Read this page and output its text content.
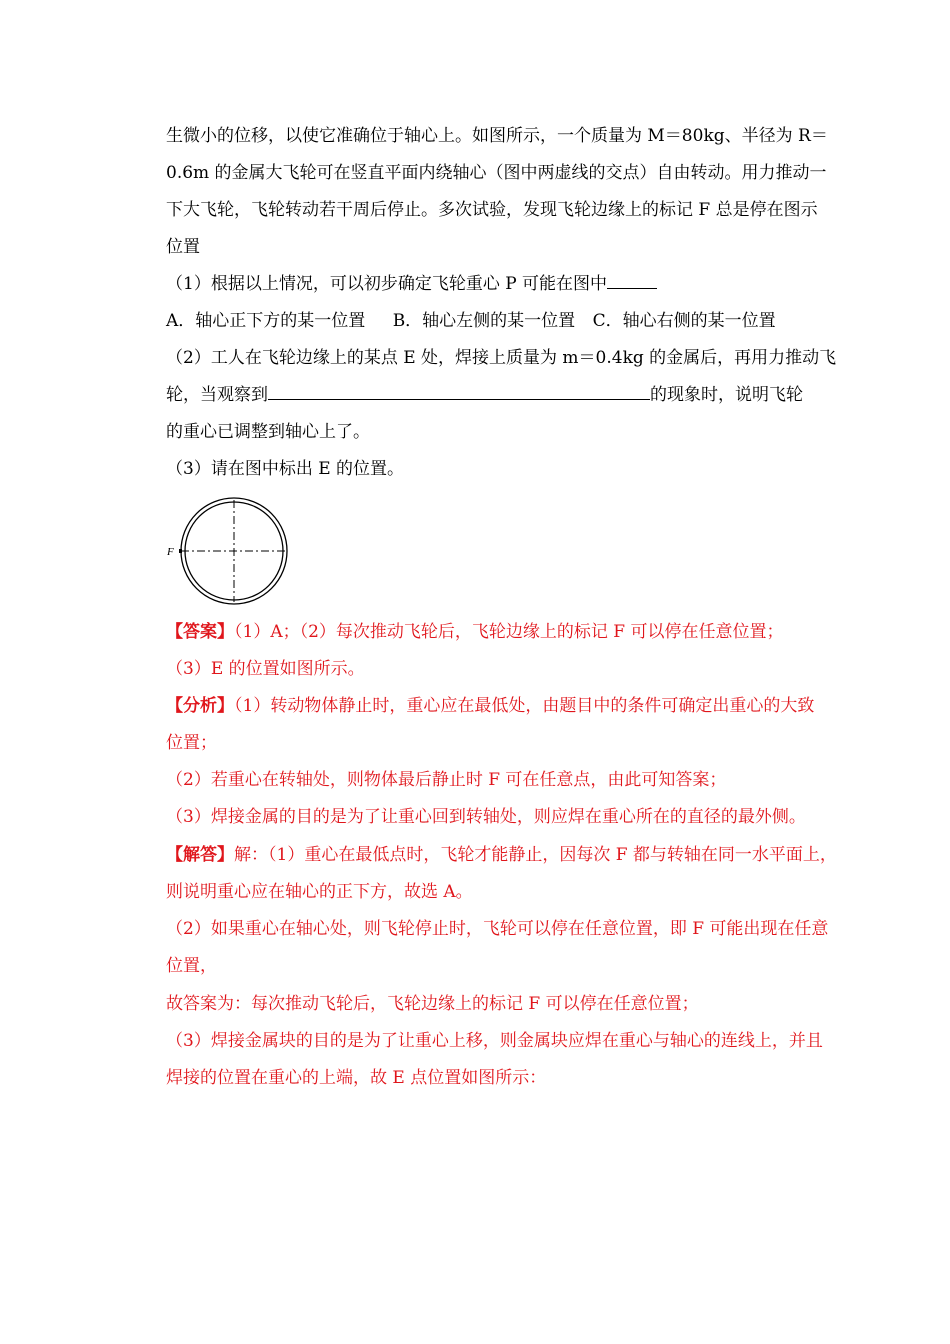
生微小的位移，以使它准确位于轴心上。如图所示，一个质量为 M＝80kg、半径为 R＝
0.6m 的金属大飞轮可在竖直平面内绕轴心（图中两虚线的交点）自由转动。用力推动一
下大飞轮，飞轮转动若干周后停止。多次试验，发现飞轮边缘上的标记 F 总是停在图示
位置
（1）根据以上情况，可以初步确定飞轮重心 P 可能在图中
A．轴心正下方的某一位置 B．轴心左侧的某一位置 C．轴心右侧的某一位置
（2）工人在飞轮边缘上的某点 E 处，焊接上质量为 m＝0.4kg 的金属后，再用力推动飞
轮，当观察到	的现象时，说明飞轮
的重心已调整到轴心上了。
（3）请在图中标出 E 的位置。
F
【答案】（1）A；（2）每次推动飞轮后，飞轮边缘上的标记 F 可以停在任意位置；
（3）E 的位置如图所示。
【分析】（1）转动物体静止时，重心应在最低处，由题目中的条件可确定出重心的大致
位置；
（2）若重心在转轴处，则物体最后静止时 F 可在任意点，由此可知答案；
（3）焊接金属的目的是为了让重心回到转轴处，则应焊在重心所在的直径的最外侧。
【解答】解：（1）重心在最低点时，飞轮才能静止，因每次 F 都与转轴在同一水平面上，
则说明重心应在轴心的正下方，故选 A。
（2）如果重心在轴心处，则飞轮停止时，飞轮可以停在任意位置，即 F 可能出现在任意
位置，
故答案为：每次推动飞轮后，飞轮边缘上的标记 F 可以停在任意位置；
（3）焊接金属块的目的是为了让重心上移，则金属块应焊在重心与轴心的连线上，并且
焊接的位置在重心的上端，故 E 点位置如图所示：
